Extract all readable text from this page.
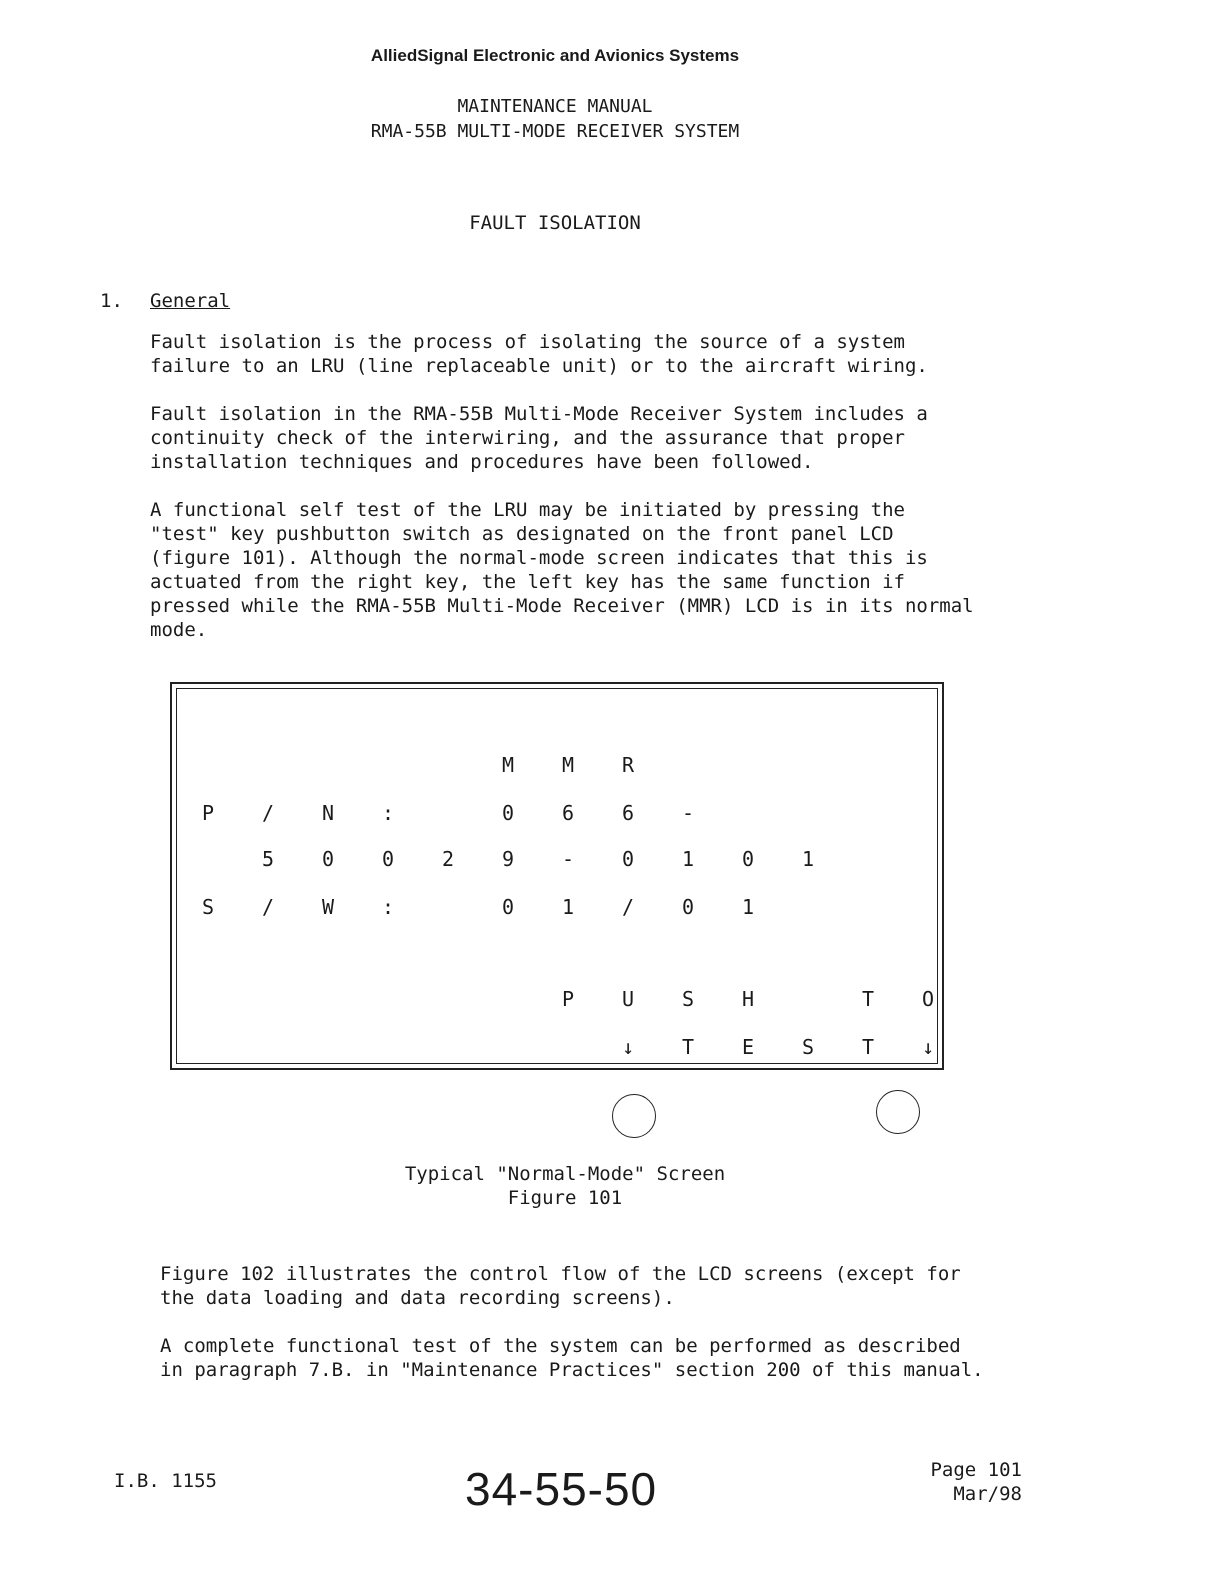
AlliedSignal Electronic and Avionics Systems
MAINTENANCE MANUAL
RMA-55B MULTI-MODE RECEIVER SYSTEM
FAULT ISOLATION
1. General

Fault isolation is the process of isolating the source of a system
failure to an LRU (line replaceable unit) or to the aircraft wiring.

Fault isolation in the RMA-55B Multi-Mode Receiver System includes a
continuity check of the interwiring, and the assurance that proper
installation techniques and procedures have been followed.

A functional self test of the LRU may be initiated by pressing the
"test" key pushbutton switch as designated on the front panel LCD
(figure 101). Although the normal-mode screen indicates that this is
actuated from the right key, the left key has the same function if
pressed while the RMA-55B Multi-Mode Receiver (MMR) LCD is in its normal
mode.

M	M	R
P	/	N	:	0	6	6	-
5	0	0	2	9	-	0	1	0	1
S	/	W	:	0	1	/	0	1
P	U	S	H	T	O
↓	T	E	S	T	↓
Typical "Normal-Mode" Screen
Figure 101

Figure 102 illustrates the control flow of the LCD screens (except for
the data loading and data recording screens).

A complete functional test of the system can be performed as described
in paragraph 7.B. in "Maintenance Practices" section 200 of this manual.

I.B. 1155	34-55-50	Page 101
Mar/98
